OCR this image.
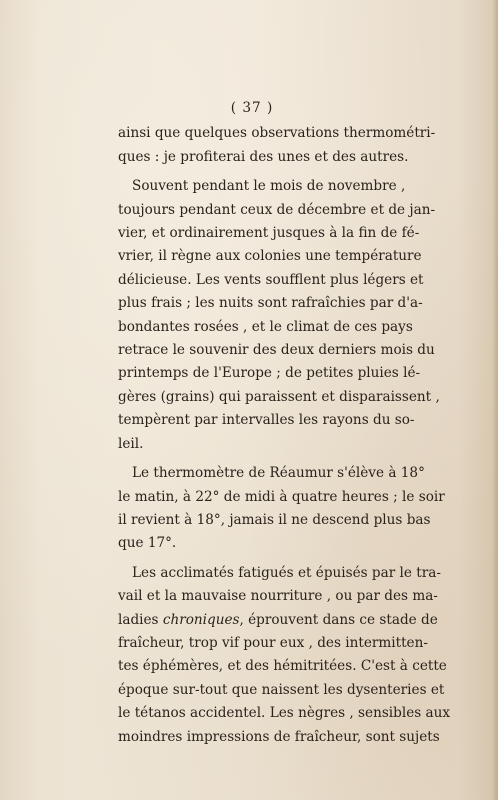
( 37 )
ainsi que quelques observations thermométri-
ques : je profiterai des unes et des autres.
Souvent pendant le mois de novembre ,
toujours pendant ceux de décembre et de jan-
vier, et ordinairement jusques à la fin de fé-
vrier, il règne aux colonies une température
délicieuse. Les vents soufflent plus légers et
plus frais ; les nuits sont rafraîchies par d'a-
bondantes rosées , et le climat de ces pays
retrace le souvenir des deux derniers mois du
printemps de l'Europe ; de petites pluies lé-
gères (grains) qui paraissent et disparaissent ,
tempèrent par intervalles les rayons du so-
leil.
Le thermomètre de Réaumur s'élève à 18°
le matin, à 22° de midi à quatre heures ; le soir
il revient à 18°, jamais il ne descend plus bas
que 17°.
Les acclimatés fatigués et épuisés par le tra-
vail et la mauvaise nourriture , ou par des ma-
ladies chroniques, éprouvent dans ce stade de
fraîcheur, trop vif pour eux , des intermitten-
tes éphémères, et des hémitritées. C'est à cette
époque sur-tout que naissent les dysenteries et
le tétanos accidentel. Les nègres , sensibles aux
moindres impressions de fraîcheur, sont sujets
